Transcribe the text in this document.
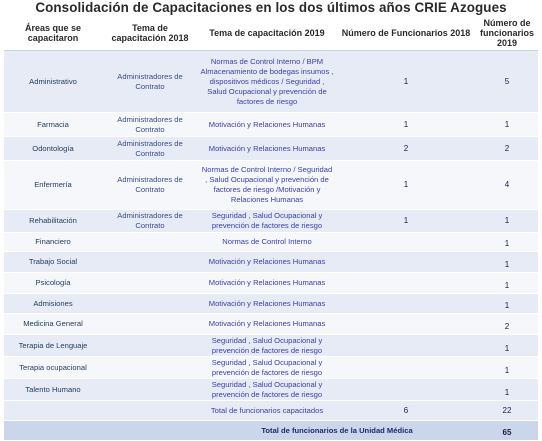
Consolidación de Capacitaciones en los dos últimos años CRIE Azogues
Áreas que se capacitaron	Tema de capacitación 2018	Tema de capacitación 2019	Número de Funcionarios 2018	Número de funcionarios 2019
Administrativo	Administradores de Contrato	Normas de Control Interno / BPM Almacenamiento de bodegas insumos , dispositivos médicos / Seguridad , Salud Ocupacional y prevención de factores de riesgo	1	5
Farmacia	Administradores de Contrato	Motivación y Relaciones Humanas	1	1
Odontología	Administradores de Contrato	Motivación y Relaciones Humanas	2	2
Enfermería	Administradores de Contrato	Normas de Control Interno / Seguridad , Salud Ocupacional y prevención de factores de riesgo /Motivación y Relaciones Humanas	1	4
Rehabilitación	Administradores de Contrato	Seguridad , Salud Ocupacional y prevención de factores de riesgo	1	1
Financiero		Normas de Control Interno		1
Trabajo Social		Motivación y Relaciones Humanas		1
Psicología		Motivación y Relaciones Humanas		1
Admisiones		Motivación y Relaciones Humanas		1
Medicina General		Motivación y Relaciones Humanas		2
Terapia de Lenguaje		Seguridad , Salud Ocupacional y prevención de factores de riesgo		1
Terapia ocupacional		Seguridad , Salud Ocupacional y prevención de factores de riesgo		1
Talento Humano		Seguridad , Salud Ocupacional y prevención de factores de riesgo		1
		Total de funcionarios capacitados	6	22
		Total de funcionarios de la Unidad Médica		65
